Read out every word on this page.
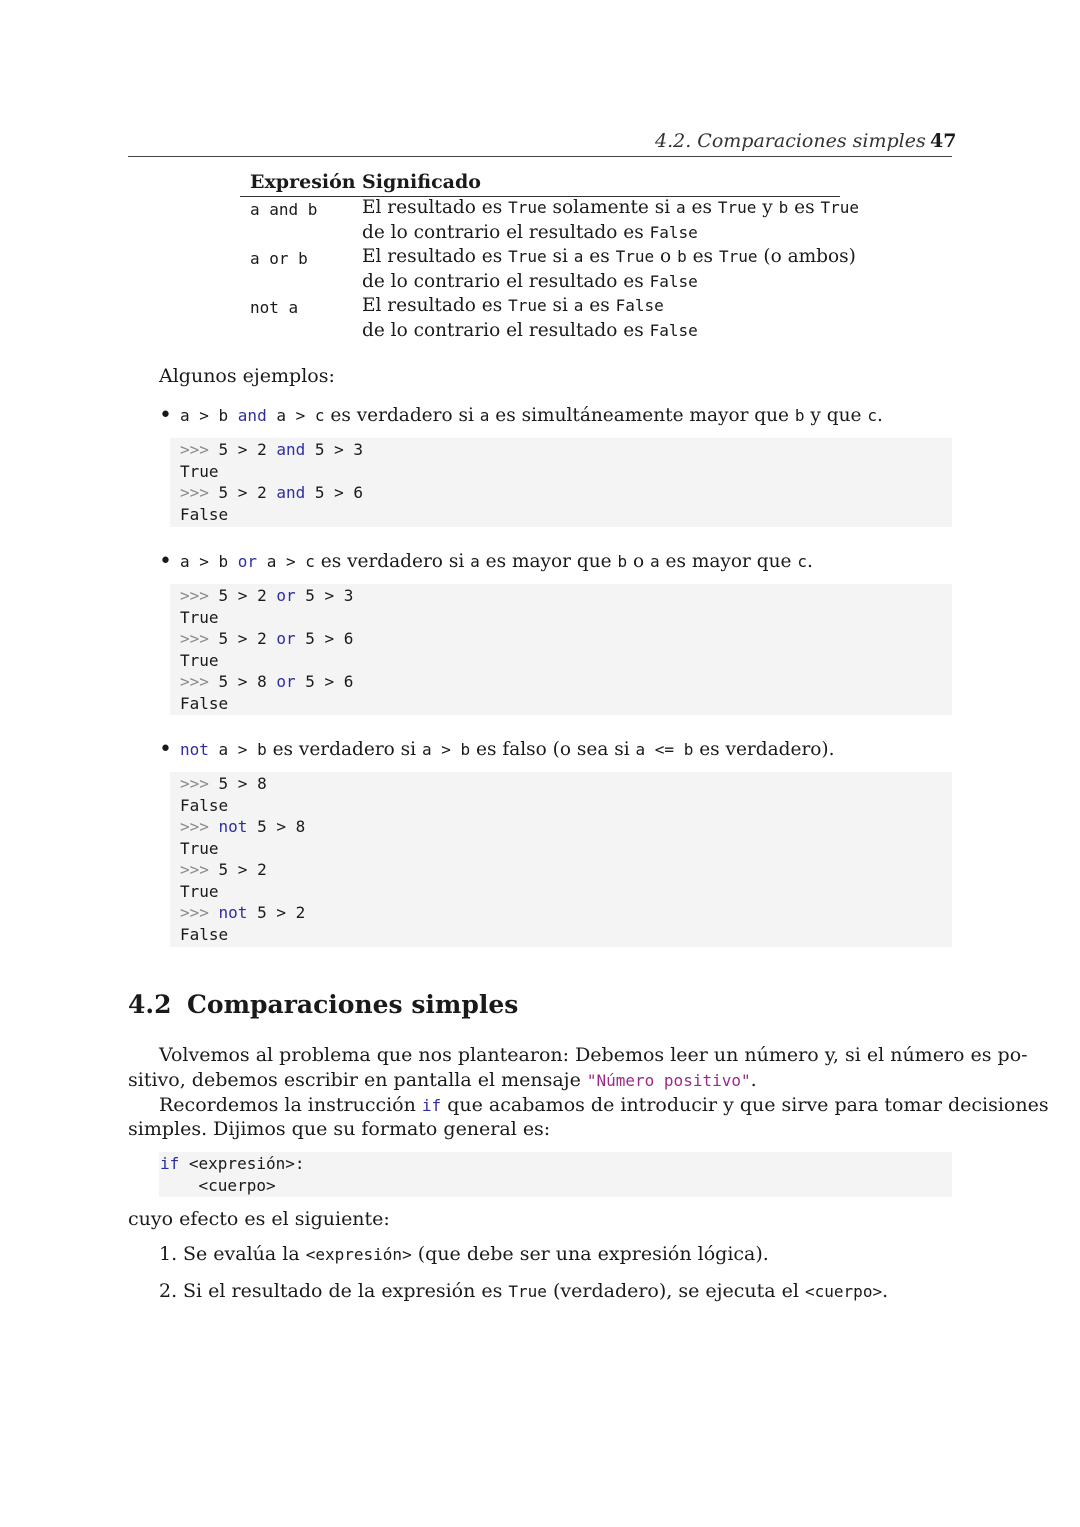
4.2. Comparaciones simples 47
Expresión Significado
a and b El resultado es True solamente si a es True y b es True
de lo contrario el resultado es False
a or b	El resultado es True si a es True o b es True (o ambos)
de lo contrario el resultado es False
not a	El resultado es True si a es False
de lo contrario el resultado es False
Algunos ejemplos:
• a > b and a > c es verdadero si a es simultáneamente mayor que b y que c.
>>> 5 > 2 and 5 > 3
True
>>> 5 > 2 and 5 > 6
False
• a > b or a > c es verdadero si a es mayor que b o a es mayor que c.
>>> 5 > 2 or 5 > 3
True
>>> 5 > 2 or 5 > 6
True
>>> 5 > 8 or 5 > 6
False
• not a > b es verdadero si a > b es falso (o sea si a <= b es verdadero).
>>> 5 > 8
False
>>> not 5 > 8
True
>>> 5 > 2
True
>>> not 5 > 2
False
4.2 Comparaciones simples
Volvemos al problema que nos plantearon: Debemos leer un número y, si el número es po-
sitivo, debemos escribir en pantalla el mensaje "Número positivo".
Recordemos la instrucción if que acabamos de introducir y que sirve para tomar decisiones
simples. Dijimos que su formato general es:
if <expresión>:
<cuerpo>
cuyo efecto es el siguiente:
1. Se evalúa la <expresión> (que debe ser una expresión lógica).
2. Si el resultado de la expresión es True (verdadero), se ejecuta el <cuerpo>.
